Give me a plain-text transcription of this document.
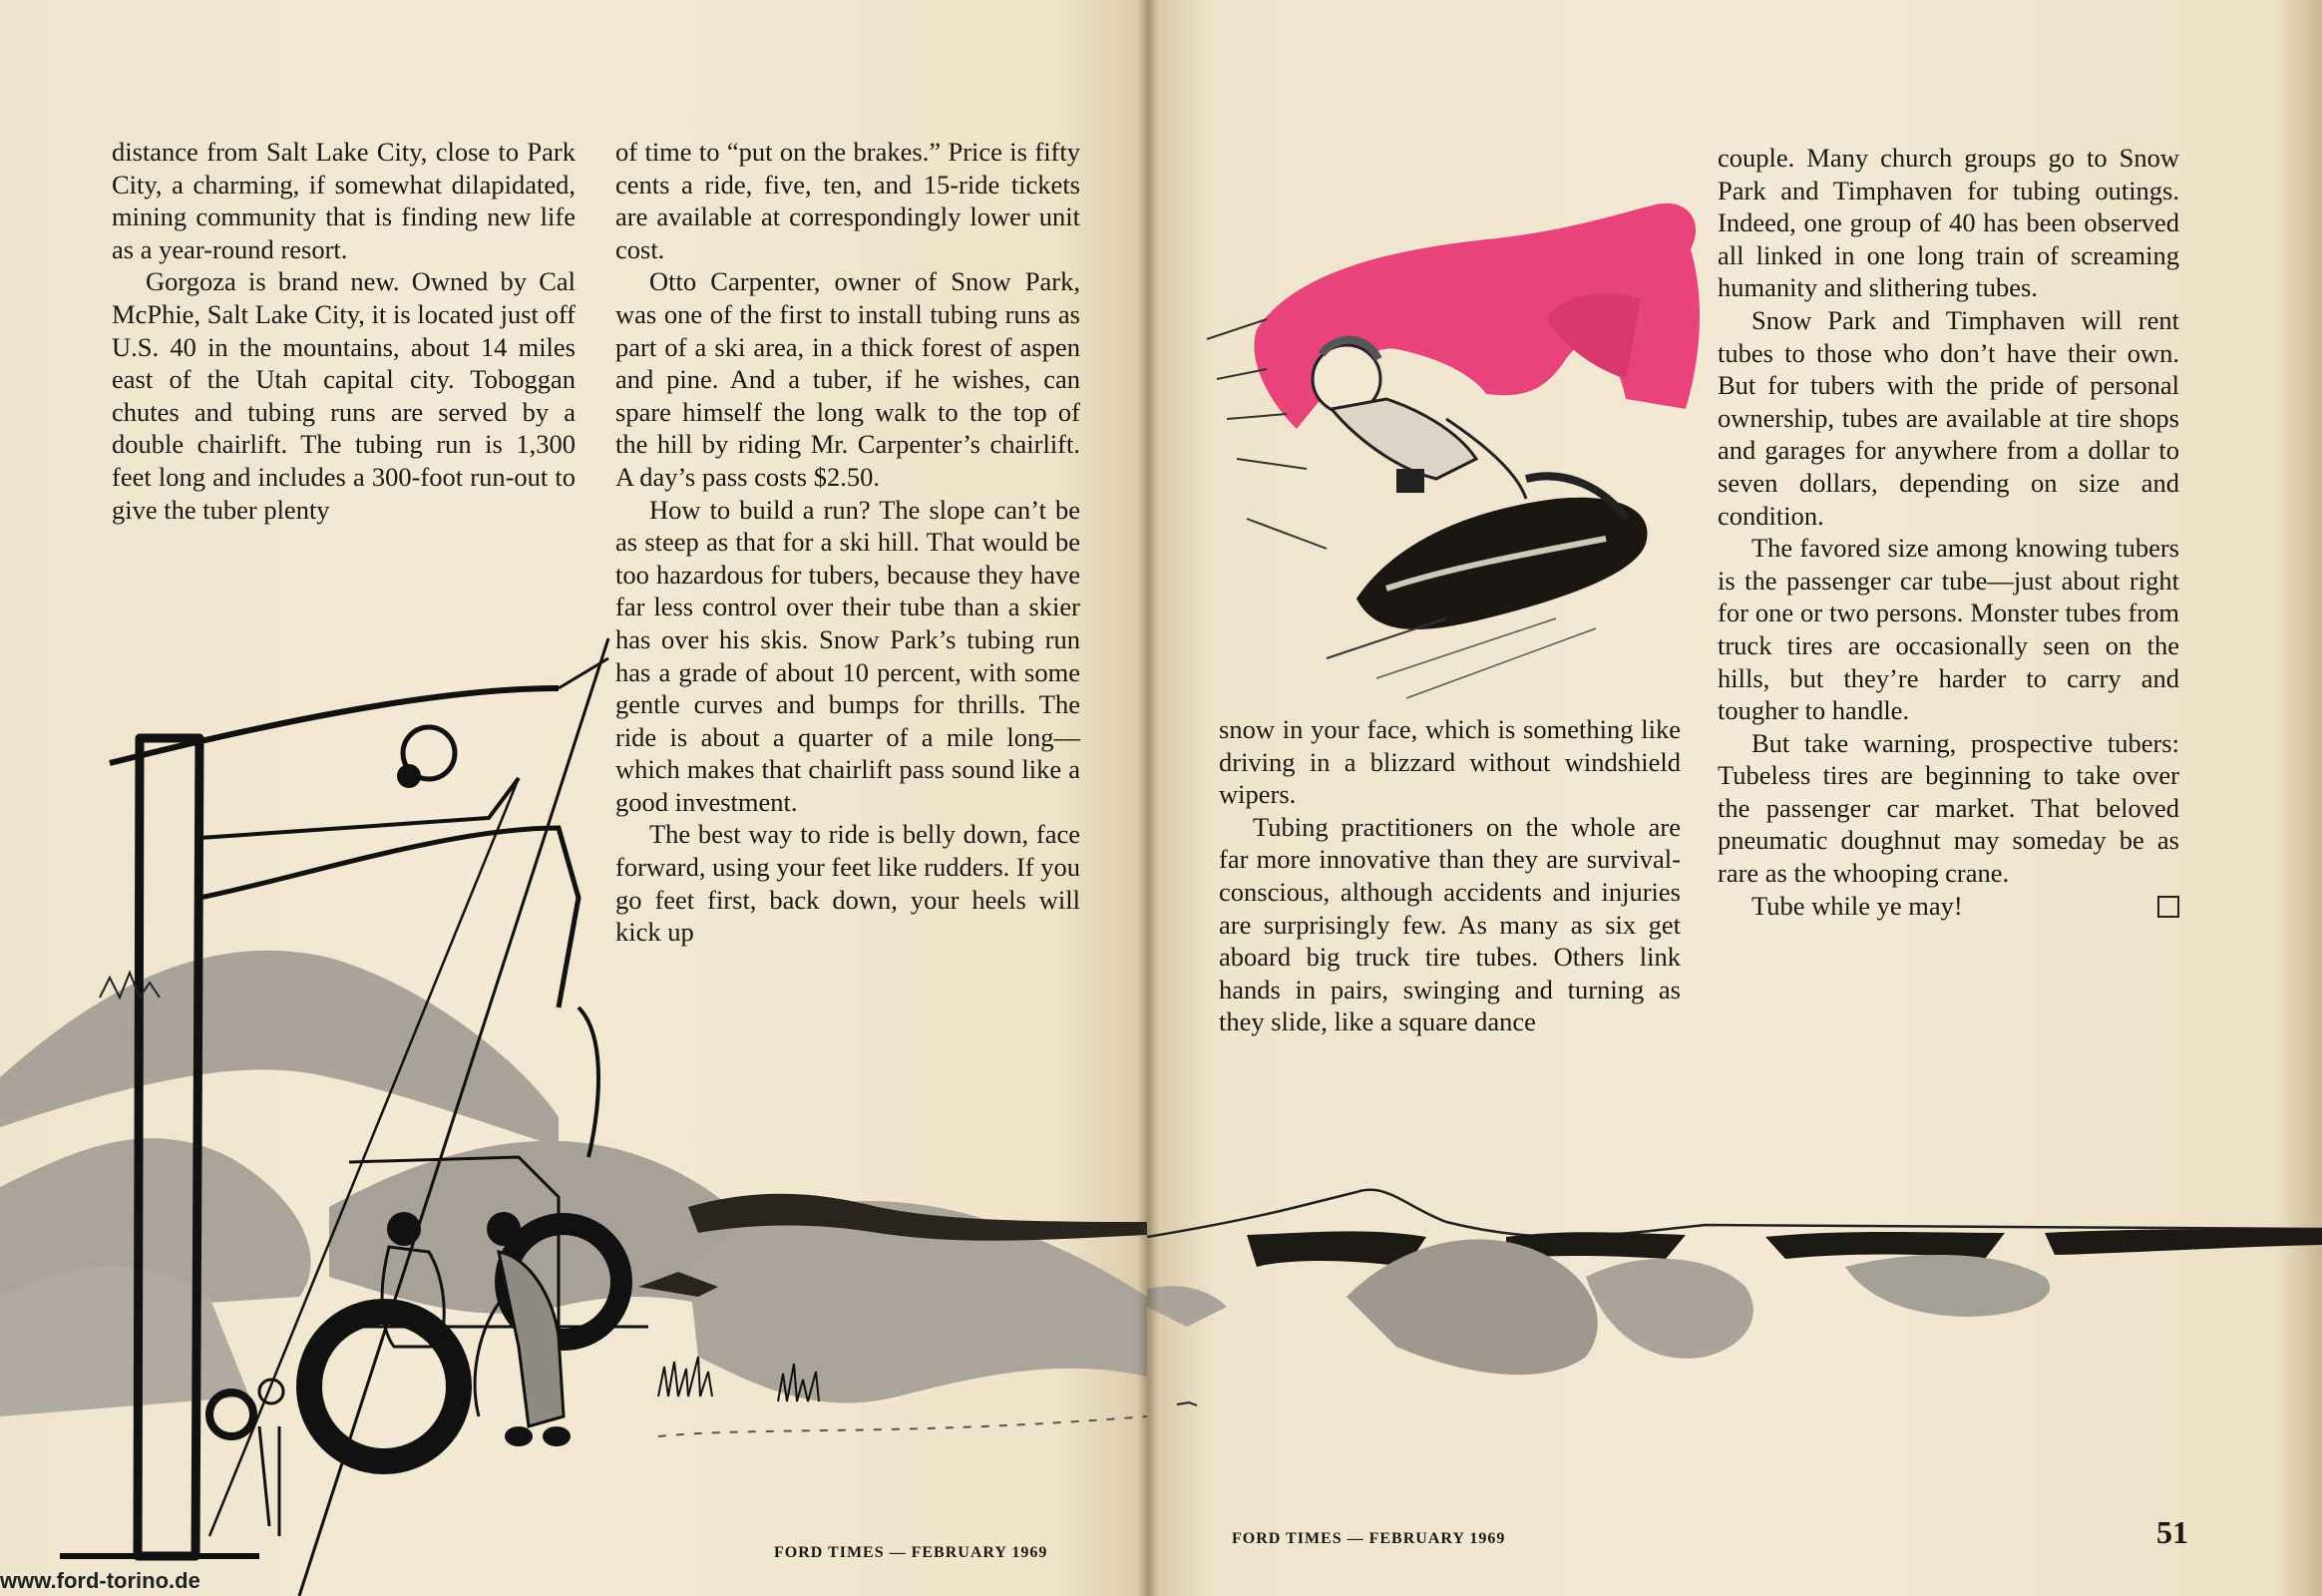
distance from Salt Lake City, close to Park City, a charming, if somewhat dilapidated, mining community that is finding new life as a year-round resort.

Gorgoza is brand new. Owned by Cal McPhie, Salt Lake City, it is located just off U.S. 40 in the mountains, about 14 miles east of the Utah capital city. Toboggan chutes and tubing runs are served by a double chairlift. The tubing run is 1,300 feet long and includes a 300-foot run-out to give the tuber plenty

of time to “put on the brakes.” Price is fifty cents a ride, five, ten, and 15-ride tickets are available at correspondingly lower unit cost.

Otto Carpenter, owner of Snow Park, was one of the first to install tubing runs as part of a ski area, in a thick forest of aspen and pine. And a tuber, if he wishes, can spare himself the long walk to the top of the hill by riding Mr. Carpenter’s chairlift. A day’s pass costs $2.50.

How to build a run? The slope can’t be as steep as that for a ski hill. That would be too hazardous for tubers, because they have far less control over their tube than a skier has over his skis. Snow Park’s tubing run has a grade of about 10 percent, with some gentle curves and bumps for thrills. The ride is about a quarter of a mile long—which makes that chairlift pass sound like a good investment.

The best way to ride is belly down, face forward, using your feet like rudders. If you go feet first, back down, your heels will kick up

FORD TIMES — FEBRUARY 1969
www.ford-torino.de

snow in your face, which is something like driving in a blizzard without windshield wipers.

Tubing practitioners on the whole are far more innovative than they are survival-conscious, although accidents and injuries are surprisingly few. As many as six get aboard big truck tire tubes. Others link hands in pairs, swinging and turning as they slide, like a square dance

couple. Many church groups go to Snow Park and Timphaven for tubing outings. Indeed, one group of 40 has been observed all linked in one long train of screaming humanity and slithering tubes.

Snow Park and Timphaven will rent tubes to those who don’t have their own. But for tubers with the pride of personal ownership, tubes are available at tire shops and garages for anywhere from a dollar to seven dollars, depending on size and condition.

The favored size among knowing tubers is the passenger car tube—just about right for one or two persons. Monster tubes from truck tires are occasionally seen on the hills, but they’re harder to carry and tougher to handle.

But take warning, prospective tubers: Tubeless tires are beginning to take over the passenger car market. That beloved pneumatic doughnut may someday be as rare as the whooping crane.

Tube while ye may!

FORD TIMES — FEBRUARY 1969	51
